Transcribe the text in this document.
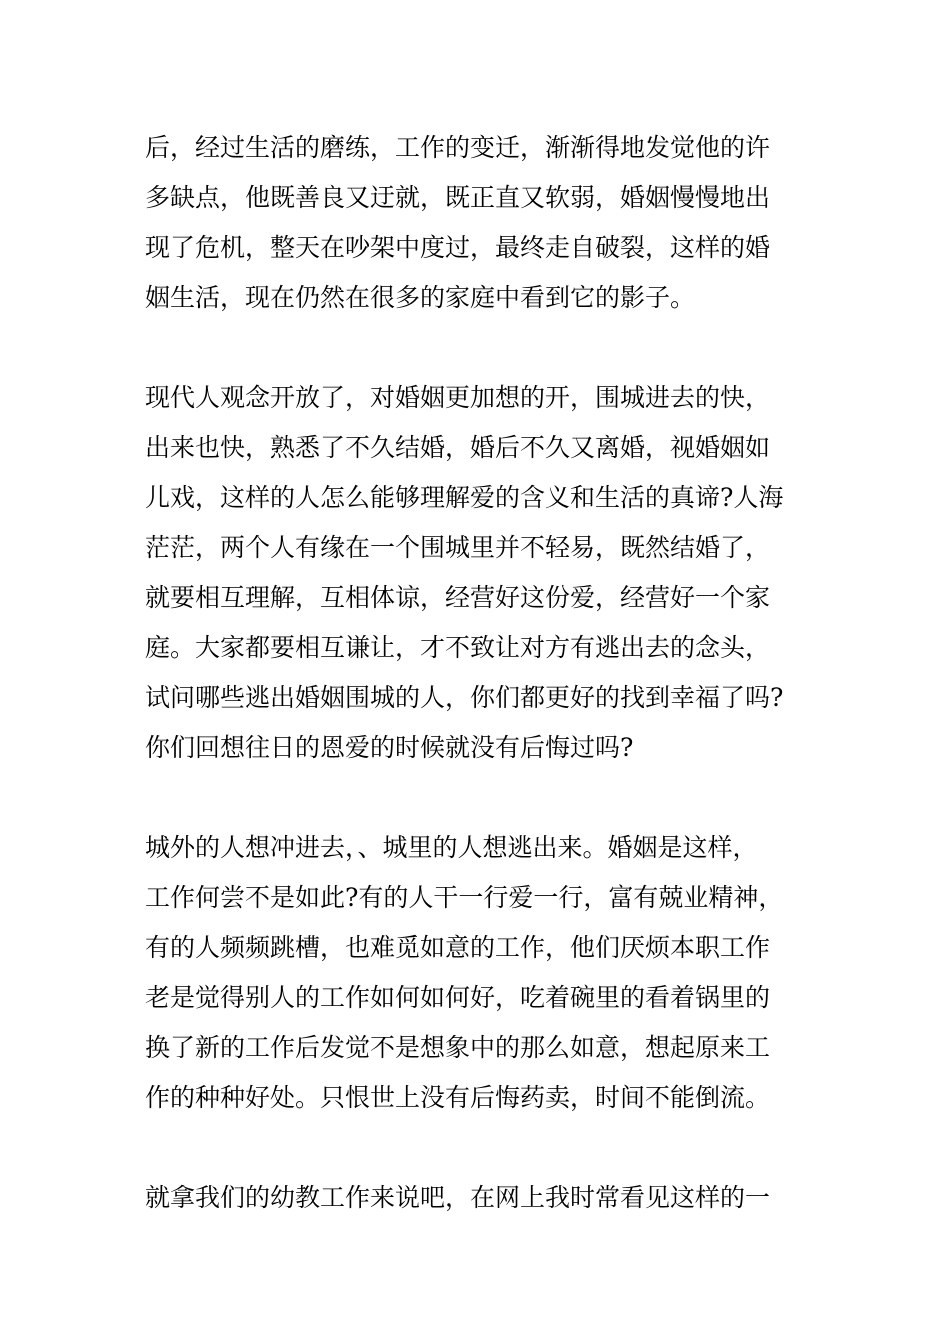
后，经过生活的磨练，工作的变迁，渐渐得地发觉他的许

多缺点，他既善良又迂就，既正直又软弱，婚姻慢慢地出

现了危机，整天在吵架中度过，最终走自破裂，这样的婚

姻生活，现在仍然在很多的家庭中看到它的影子。

现代人观念开放了，对婚姻更加想的开，围城进去的快，

出来也快，熟悉了不久结婚，婚后不久又离婚，视婚姻如

儿戏，这样的人怎么能够理解爱的含义和生活的真谛?人海

茫茫，两个人有缘在一个围城里并不轻易，既然结婚了，

就要相互理解，互相体谅，经营好这份爱，经营好一个家

庭。大家都要相互谦让，才不致让对方有逃出去的念头，

试问哪些逃出婚姻围城的人，你们都更好的找到幸福了吗?

你们回想往日的恩爱的时候就没有后悔过吗?

城外的人想冲进去，、城里的人想逃出来。婚姻是这样，

工作何尝不是如此?有的人干一行爱一行，富有兢业精神，

有的人频频跳槽，也难觅如意的工作，他们厌烦本职工作

老是觉得别人的工作如何如何好，吃着碗里的看着锅里的

换了新的工作后发觉不是想象中的那么如意，想起原来工

作的种种好处。只恨世上没有后悔药卖，时间不能倒流。

就拿我们的幼教工作来说吧，在网上我时常看见这样的一
